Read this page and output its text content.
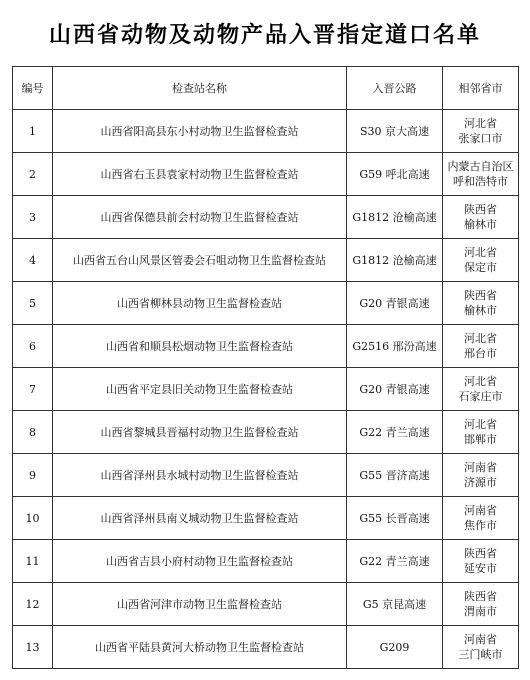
山西省动物及动物产品入晋指定道口名单
编号	检查站名称	入晋公路	相邻省市
1	山西省阳高县东小村动物卫生监督检查站	S30 京大高速	河北省
张家口市

2	山西省右玉县袁家村动物卫生监督检查站	G59 呼北高速	内蒙古自治区
呼和浩特市

3	山西省保德县前会村动物卫生监督检查站	G1812 沧榆高速	陕西省
榆林市

4	山西省五台山风景区管委会石咀动物卫生监督检查站	G1812 沧榆高速	河北省
保定市

5	山西省柳林县动物卫生监督检查站	G20 青银高速	陕西省
榆林市

6	山西省和顺县松烟动物卫生监督检查站	G2516 邢汾高速	河北省
邢台市

7	山西省平定县旧关动物卫生监督检查站	G20 青银高速	河北省
石家庄市

8	山西省黎城县晋福村动物卫生监督检查站	G22 青兰高速	河北省
邯郸市

9	山西省泽州县水城村动物卫生监督检查站	G55 晋济高速	河南省
济源市

10	山西省泽州县南义城动物卫生监督检查站	G55 长晋高速	河南省
焦作市

11	山西省吉县小府村动物卫生监督检查站	G22 青兰高速	陕西省
延安市

12	山西省河津市动物卫生监督检查站	G5 京昆高速	陕西省
渭南市

13	山西省平陆县黄河大桥动物卫生监督检查站	G209	河南省
三门峡市
